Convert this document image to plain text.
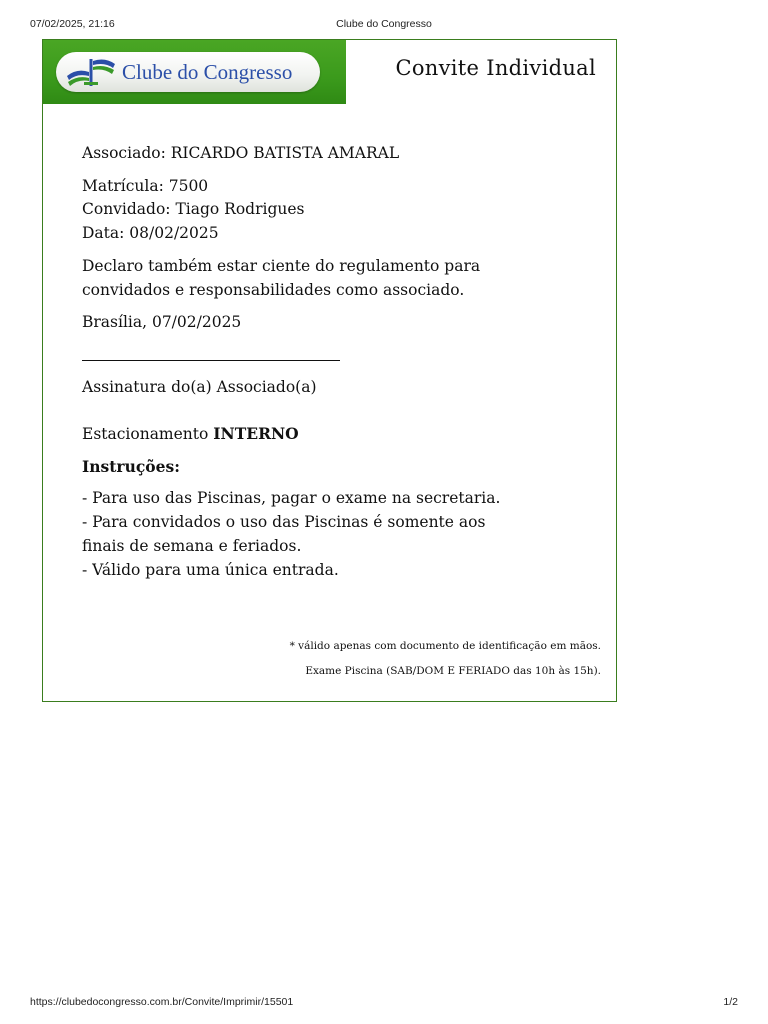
07/02/2025, 21:16	Clube do Congresso
Clube do Congresso	Convite Individual
Associado: RICARDO BATISTA AMARAL
Matrícula: 7500
Convidado: Tiago Rodrigues
Data: 08/02/2025
Declaro também estar ciente do regulamento para
convidados e responsabilidades como associado.
Brasília, 07/02/2025
Assinatura do(a) Associado(a)
Estacionamento INTERNO
Instruções:
- Para uso das Piscinas, pagar o exame na secretaria.
- Para convidados o uso das Piscinas é somente aos
finais de semana e feriados.
- Válido para uma única entrada.
* válido apenas com documento de identificação em mãos.
Exame Piscina (SAB/DOM E FERIADO das 10h às 15h).
https://clubedocongresso.com.br/Convite/Imprimir/15501	1/2
